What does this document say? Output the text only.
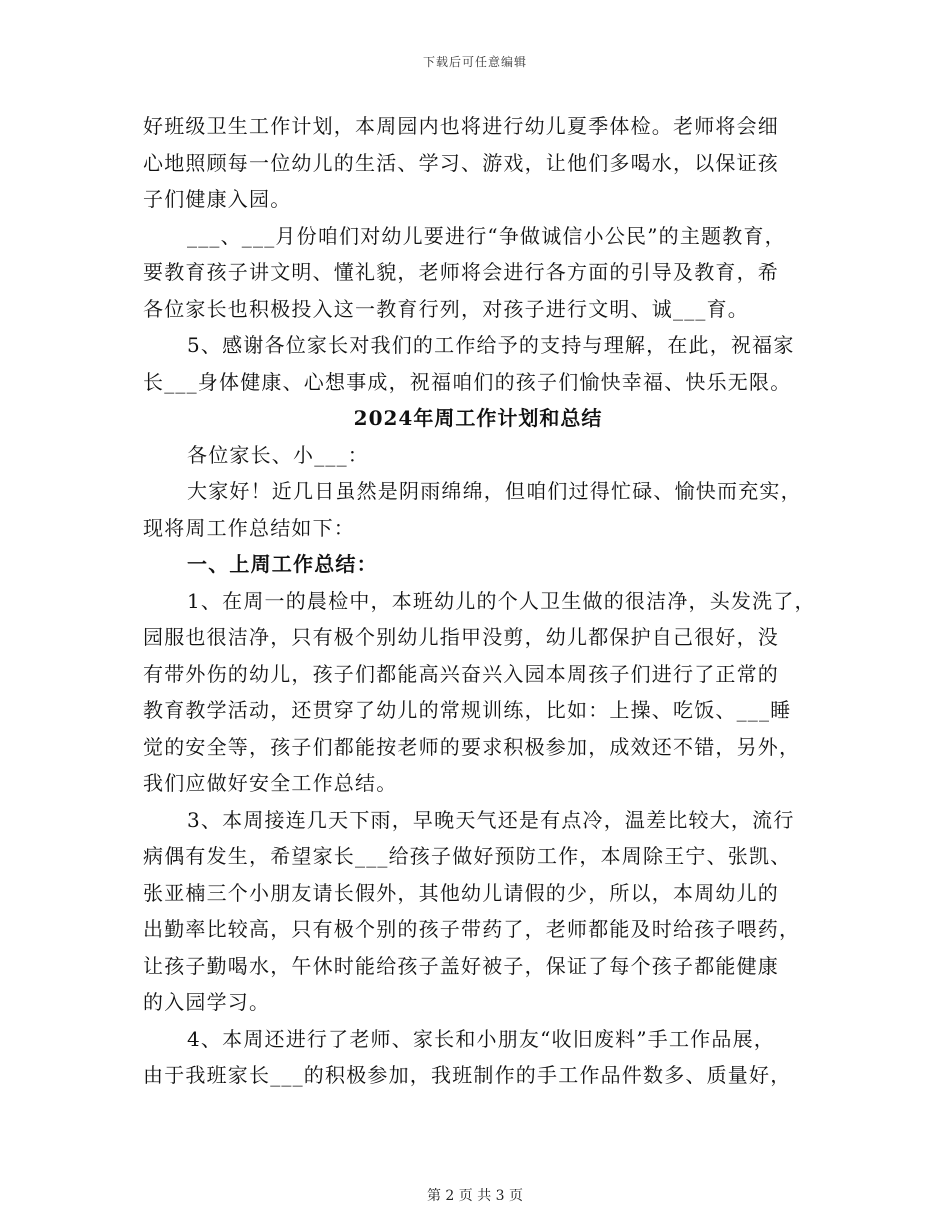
下载后可任意编辑
好班级卫生工作计划，本周园内也将进行幼儿夏季体检。老师将会细
心地照顾每一位幼儿的生活、学习、游戏，让他们多喝水，以保证孩
子们健康入园。
___、___月份咱们对幼儿要进行“争做诚信小公民”的主题教育，
要教育孩子讲文明、懂礼貌，老师将会进行各方面的引导及教育，希
各位家长也积极投入这一教育行列，对孩子进行文明、诚___育。
5、感谢各位家长对我们的工作给予的支持与理解，在此，祝福家
长___身体健康、心想事成，祝福咱们的孩子们愉快幸福、快乐无限。
2024年周工作计划和总结
各位家长、小___：
大家好！近几日虽然是阴雨绵绵，但咱们过得忙碌、愉快而充实，
现将周工作总结如下：
一、上周工作总结：
1、在周一的晨检中，本班幼儿的个人卫生做的很洁净，头发洗了，
园服也很洁净，只有极个别幼儿指甲没剪，幼儿都保护自己很好，没
有带外伤的幼儿，孩子们都能高兴奋兴入园本周孩子们进行了正常的
教育教学活动，还贯穿了幼儿的常规训练，比如：上操、吃饭、___睡
觉的安全等，孩子们都能按老师的要求积极参加，成效还不错，另外，
我们应做好安全工作总结。
3、本周接连几天下雨，早晚天气还是有点冷，温差比较大，流行
病偶有发生，希望家长___给孩子做好预防工作，本周除王宁、张凯、
张亚楠三个小朋友请长假外，其他幼儿请假的少，所以，本周幼儿的
出勤率比较高，只有极个别的孩子带药了，老师都能及时给孩子喂药，
让孩子勤喝水，午休时能给孩子盖好被子，保证了每个孩子都能健康
的入园学习。
4、本周还进行了老师、家长和小朋友“收旧废料”手工作品展，
由于我班家长___的积极参加，我班制作的手工作品件数多、质量好，
第 2 页 共 3 页
